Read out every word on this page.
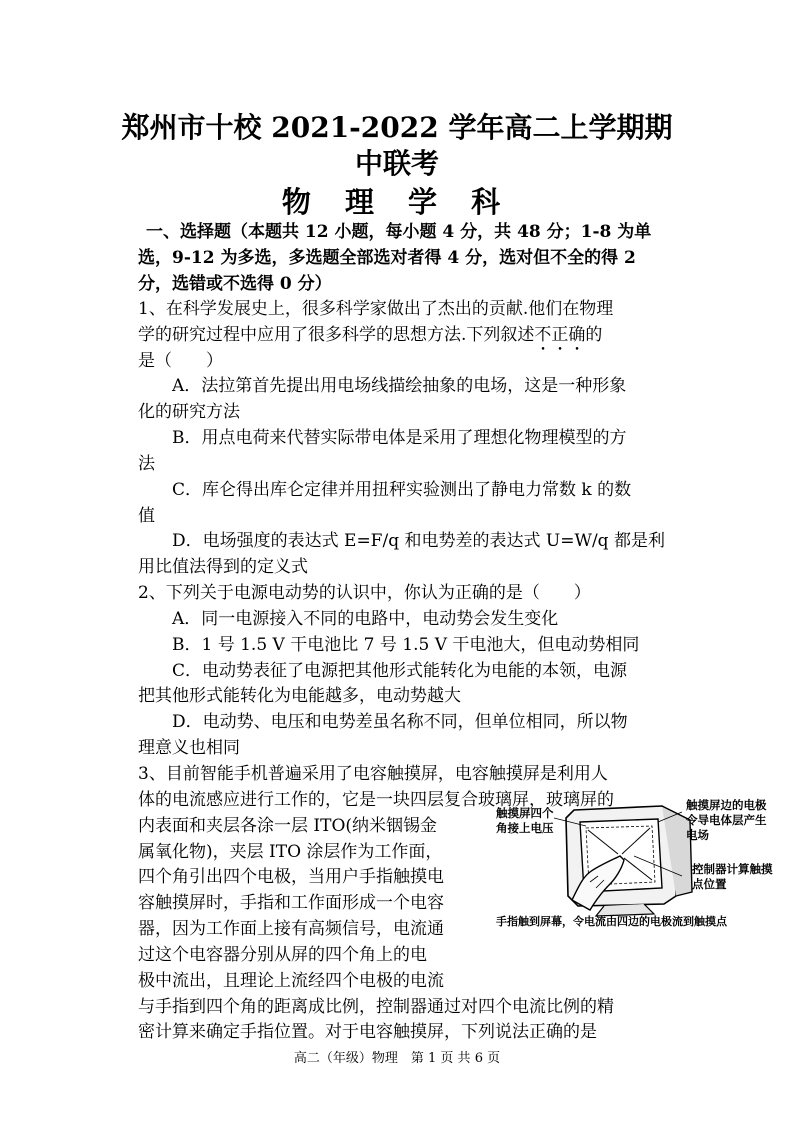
郑州市十校 2021-2022 学年高二上学期期
中联考
物 理 学 科
一、选择题（本题共 12 小题，每小题 4 分，共 48 分；1-8 为单
选，9-12 为多选，多选题全部选对者得 4 分，选对但不全的得 2
分，选错或不选得 0 分）
1、在科学发展史上，很多科学家做出了杰出的贡献.他们在物理
学的研究过程中应用了很多科学的思想方法.下列叙述不正确的
是（　　）
A．法拉第首先提出用电场线描绘抽象的电场，这是一种形象
化的研究方法
B．用点电荷来代替实际带电体是采用了理想化物理模型的方
法
C．库仑得出库仑定律并用扭秤实验测出了静电力常数 k 的数
值
D．电场强度的表达式 E=F/q 和电势差的表达式 U=W/q 都是利
用比值法得到的定义式
2、下列关于电源电动势的认识中，你认为正确的是（　　）
A．同一电源接入不同的电路中，电动势会发生变化
B．1 号 1.5 V 干电池比 7 号 1.5 V 干电池大，但电动势相同
C．电动势表征了电源把其他形式能转化为电能的本领，电源
把其他形式能转化为电能越多，电动势越大
D．电动势、电压和电势差虽名称不同，但单位相同，所以物
理意义也相同
3、目前智能手机普遍采用了电容触摸屏，电容触摸屏是利用人
体的电流感应进行工作的，它是一块四层复合玻璃屏，玻璃屏的
内表面和夹层各涂一层 ITO(纳米铟锡金
属氧化物)，夹层 ITO 涂层作为工作面，
四个角引出四个电极，当用户手指触摸电
容触摸屏时，手指和工作面形成一个电容
器，因为工作面上接有高频信号，电流通
过这个电容器分别从屏的四个角上的电
极中流出，且理论上流经四个电极的电流
与手指到四个角的距离成比例，控制器通过对四个电流比例的精
密计算来确定手指位置。对于电容触摸屏，下列说法正确的是
触摸屏四个
角接上电压
触摸屏边的电极
令导电体层产生
电场
控制器计算触摸
点位置
手指触到屏幕，令电流由四边的电极流到触摸点
高二（年级）物理　第 1 页 共 6 页
